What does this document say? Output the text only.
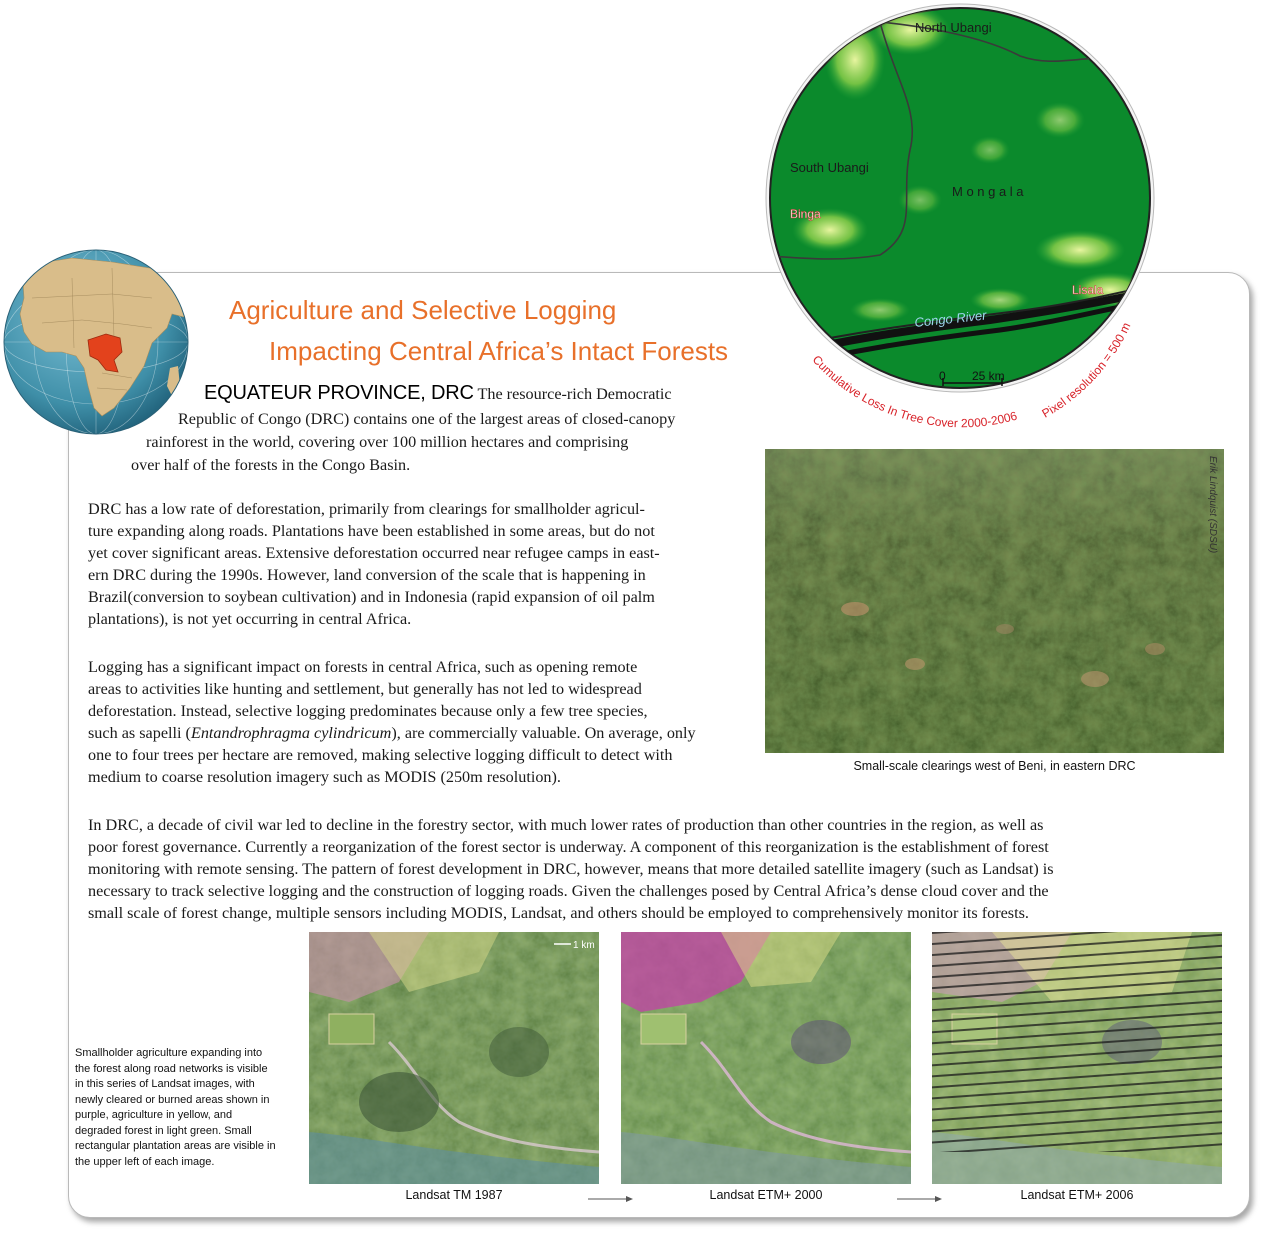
Agriculture and Selective Logging
Impacting Central Africa’s Intact Forests
North Ubangi
South Ubangi
M o n g a l a
Binga
Lisala
Congo River
0 25 km
Cumulative Loss In Tree Cover 2000-2006 Pixel resolution = 500 m
EQUATEUR PROVINCE, DRC The resource-rich Democratic
Republic of Congo (DRC) contains one of the largest areas of closed-canopy
rainforest in the world, covering over 100 million hectares and comprising
over half of the forests in the Congo Basin.
DRC has a low rate of deforestation, primarily from clearings for smallholder agricul-
ture expanding along roads. Plantations have been established in some areas, but do not
yet cover significant areas. Extensive deforestation occurred near refugee camps in east-
ern DRC during the 1990s. However, land conversion of the scale that is happening in
Brazil(conversion to soybean cultivation) and in Indonesia (rapid expansion of oil palm
plantations), is not yet occurring in central Africa.
Logging has a significant impact on forests in central Africa, such as opening remote
areas to activities like hunting and settlement, but generally has not led to widespread
deforestation. Instead, selective logging predominates because only a few tree species,
such as sapelli (Entandrophragma cylindricum), are commercially valuable. On average, only
one to four trees per hectare are removed, making selective logging difficult to detect with
medium to coarse resolution imagery such as MODIS (250m resolution).
Erik Lindquist (SDSU)
Small-scale clearings west of Beni, in eastern DRC
In DRC, a decade of civil war led to decline in the forestry sector, with much lower rates of production than other countries in the region, as well as
poor forest governance. Currently a reorganization of the forest sector is underway. A component of this reorganization is the establishment of forest
monitoring with remote sensing. The pattern of forest development in DRC, however, means that more detailed satellite imagery (such as Landsat) is
necessary to track selective logging and the construction of logging roads. Given the challenges posed by Central Africa’s dense cloud cover and the
small scale of forest change, multiple sensors including MODIS, Landsat, and others should be employed to comprehensively monitor its forests.
Smallholder agriculture expanding into
the forest along road networks is visible
in this series of Landsat images, with
newly cleared or burned areas shown in
purple, agriculture in yellow, and
degraded forest in light green. Small
rectangular plantation areas are visible in
the upper left of each image.
1 km
Landsat TM 1987	Landsat ETM+ 2000	Landsat ETM+ 2006
